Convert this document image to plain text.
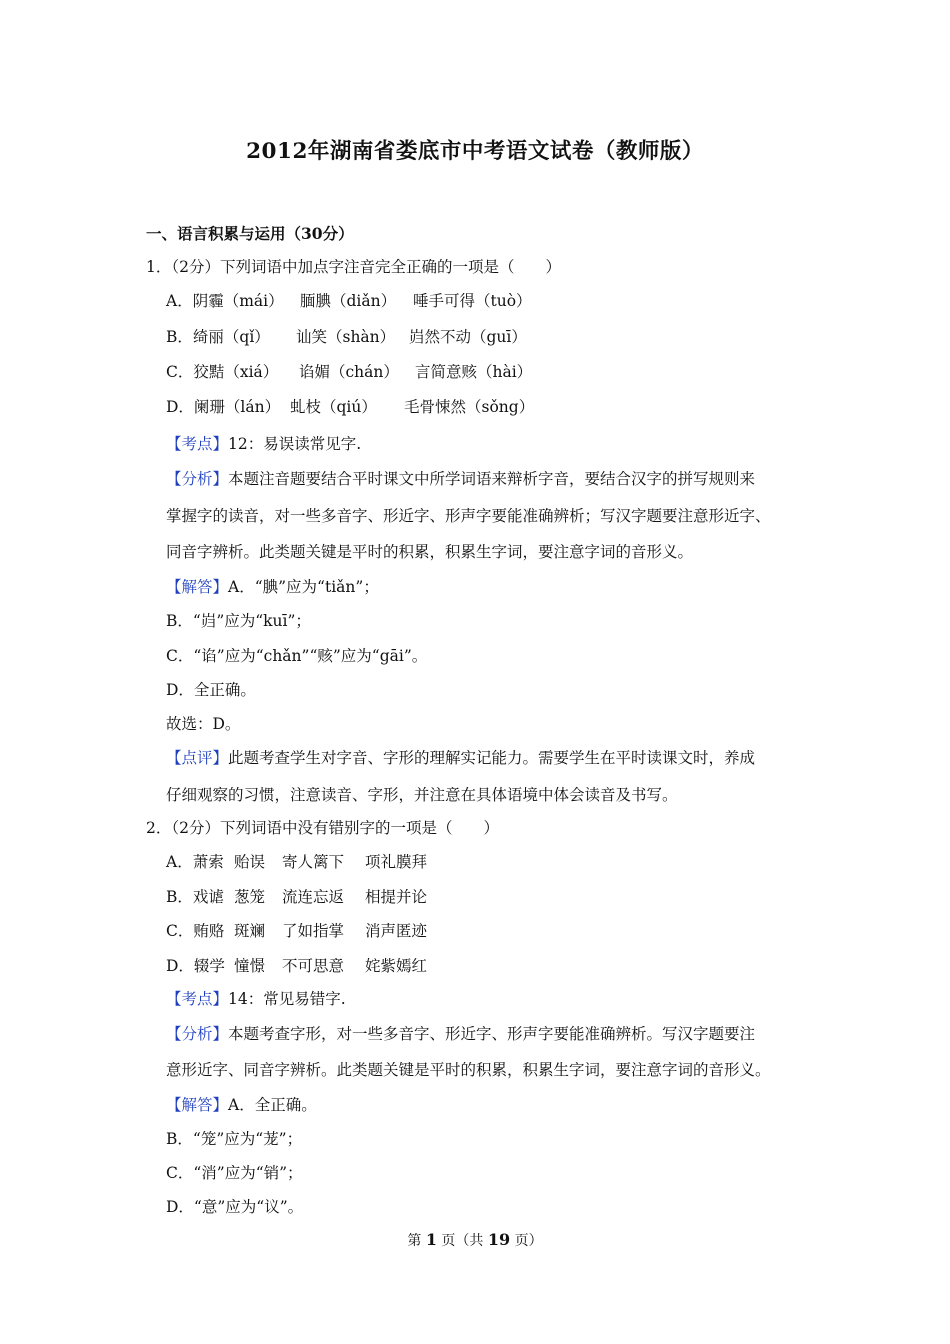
2012年湖南省娄底市中考语文试卷（教师版）
一、语言积累与运用（30分）
1．（2分）下列词语中加点字注音完全正确的一项是（　　）
A．阴霾（mái） 腼腆（diǎn） 唾手可得（tuò）
B．绮丽（qǐ） 讪笑（shàn） 岿然不动（guī）
C．狡黠（xiá） 谄媚（chán） 言简意赅（hài）
D．阑珊（lán） 虬枝（qiú） 毛骨悚然（sǒng）
【考点】12：易误读常见字.
【分析】本题注音题要结合平时课文中所学词语来辩析字音，要结合汉字的拼写规则来
掌握字的读音，对一些多音字、形近字、形声字要能准确辨析；写汉字题要注意形近字、
同音字辨析。此类题关键是平时的积累，积累生字词，要注意字词的音形义。
【解答】A．“腆”应为“tiǎn”；
B．“岿”应为“kuī”；
C．“谄”应为“chǎn”“赅”应为“gāi”。
D．全正确。
故选：D。
【点评】此题考查学生对字音、字形的理解实记能力。需要学生在平时读课文时，养成
仔细观察的习惯，注意读音、字形，并注意在具体语境中体会读音及书写。
2．（2分）下列词语中没有错别字的一项是（　　）
A．萧索 贻误 寄人篱下 项礼膜拜
B．戏谑 葱笼 流连忘返 相提并论
C．贿赂 斑斓 了如指掌 消声匿迹
D．辍学 憧憬 不可思意 姹紫嫣红
【考点】14：常见易错字.
【分析】本题考查字形，对一些多音字、形近字、形声字要能准确辨析。写汉字题要注
意形近字、同音字辨析。此类题关键是平时的积累，积累生字词，要注意字词的音形义。
【解答】A．全正确。
B．“笼”应为“茏”；
C．“消”应为“销”；
D．“意”应为“议”。
第 1 页（共 19 页）
